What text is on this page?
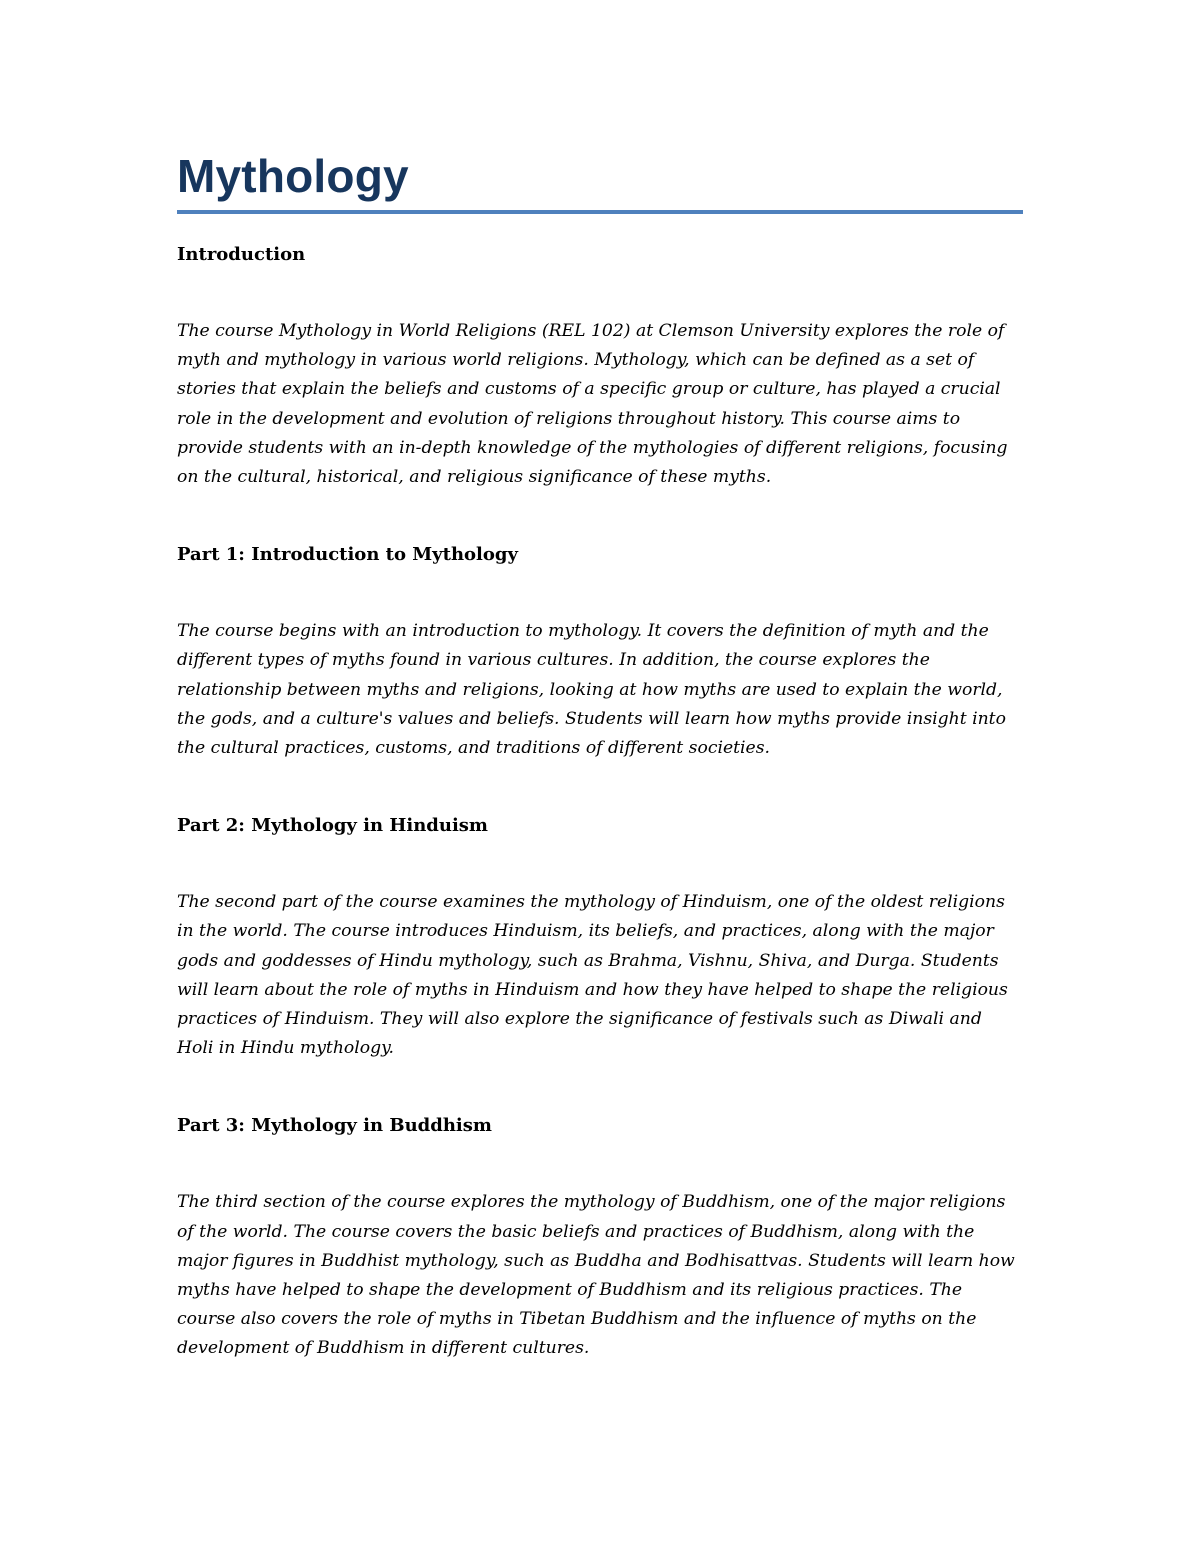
Mythology
Introduction

The course Mythology in World Religions (REL 102) at Clemson University explores the role of myth and mythology in various world religions. Mythology, which can be defined as a set of stories that explain the beliefs and customs of a specific group or culture, has played a crucial role in the development and evolution of religions throughout history. This course aims to provide students with an in-depth knowledge of the mythologies of different religions, focusing on the cultural, historical, and religious significance of these myths.

Part 1: Introduction to Mythology

The course begins with an introduction to mythology. It covers the definition of myth and the different types of myths found in various cultures. In addition, the course explores the relationship between myths and religions, looking at how myths are used to explain the world, the gods, and a culture's values and beliefs. Students will learn how myths provide insight into the cultural practices, customs, and traditions of different societies.

Part 2: Mythology in Hinduism

The second part of the course examines the mythology of Hinduism, one of the oldest religions in the world. The course introduces Hinduism, its beliefs, and practices, along with the major gods and goddesses of Hindu mythology, such as Brahma, Vishnu, Shiva, and Durga. Students will learn about the role of myths in Hinduism and how they have helped to shape the religious practices of Hinduism. They will also explore the significance of festivals such as Diwali and Holi in Hindu mythology.

Part 3: Mythology in Buddhism

The third section of the course explores the mythology of Buddhism, one of the major religions of the world. The course covers the basic beliefs and practices of Buddhism, along with the major figures in Buddhist mythology, such as Buddha and Bodhisattvas. Students will learn how myths have helped to shape the development of Buddhism and its religious practices. The course also covers the role of myths in Tibetan Buddhism and the influence of myths on the development of Buddhism in different cultures.
